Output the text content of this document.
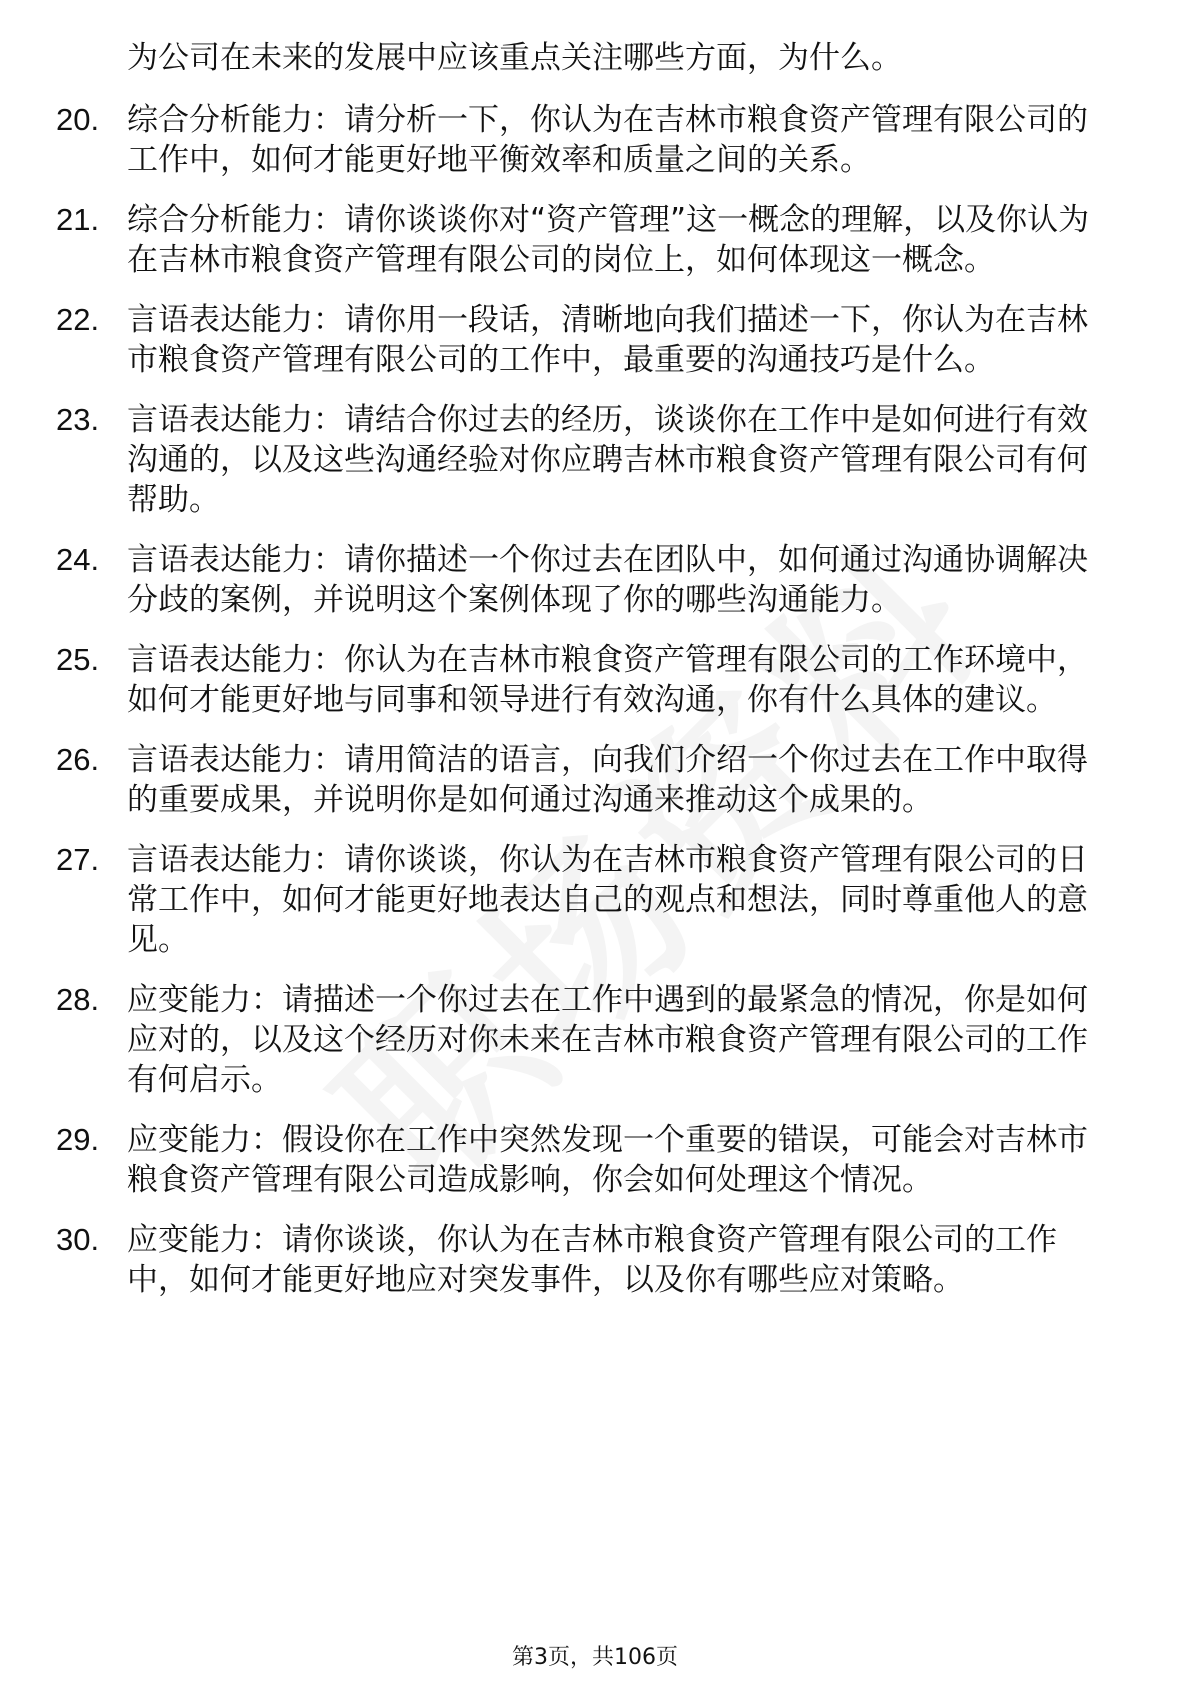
为公司在未来的发展中应该重点关注哪些方面，为什么。
20. 综合分析能力：请分析一下，你认为在吉林市粮食资产管理有限公司的工作中，如何才能更好地平衡效率和质量之间的关系。
21. 综合分析能力：请你谈谈你对“资产管理”这一概念的理解，以及你认为在吉林市粮食资产管理有限公司的岗位上，如何体现这一概念。
22. 言语表达能力：请你用一段话，清晰地向我们描述一下，你认为在吉林市粮食资产管理有限公司的工作中，最重要的沟通技巧是什么。
23. 言语表达能力：请结合你过去的经历，谈谈你在工作中是如何进行有效沟通的，以及这些沟通经验对你应聘吉林市粮食资产管理有限公司有何帮助。
24. 言语表达能力：请你描述一个你过去在团队中，如何通过沟通协调解决分歧的案例，并说明这个案例体现了你的哪些沟通能力。
25. 言语表达能力：你认为在吉林市粮食资产管理有限公司的工作环境中，如何才能更好地与同事和领导进行有效沟通，你有什么具体的建议。
26. 言语表达能力：请用简洁的语言，向我们介绍一个你过去在工作中取得的重要成果，并说明你是如何通过沟通来推动这个成果的。
27. 言语表达能力：请你谈谈，你认为在吉林市粮食资产管理有限公司的日常工作中，如何才能更好地表达自己的观点和想法，同时尊重他人的意见。
28. 应变能力：请描述一个你过去在工作中遇到的最紧急的情况，你是如何应对的，以及这个经历对你未来在吉林市粮食资产管理有限公司的工作有何启示。
29. 应变能力：假设你在工作中突然发现一个重要的错误，可能会对吉林市粮食资产管理有限公司造成影响，你会如何处理这个情况。
30. 应变能力：请你谈谈，你认为在吉林市粮食资产管理有限公司的工作中，如何才能更好地应对突发事件，以及你有哪些应对策略。
第3页，共106页
